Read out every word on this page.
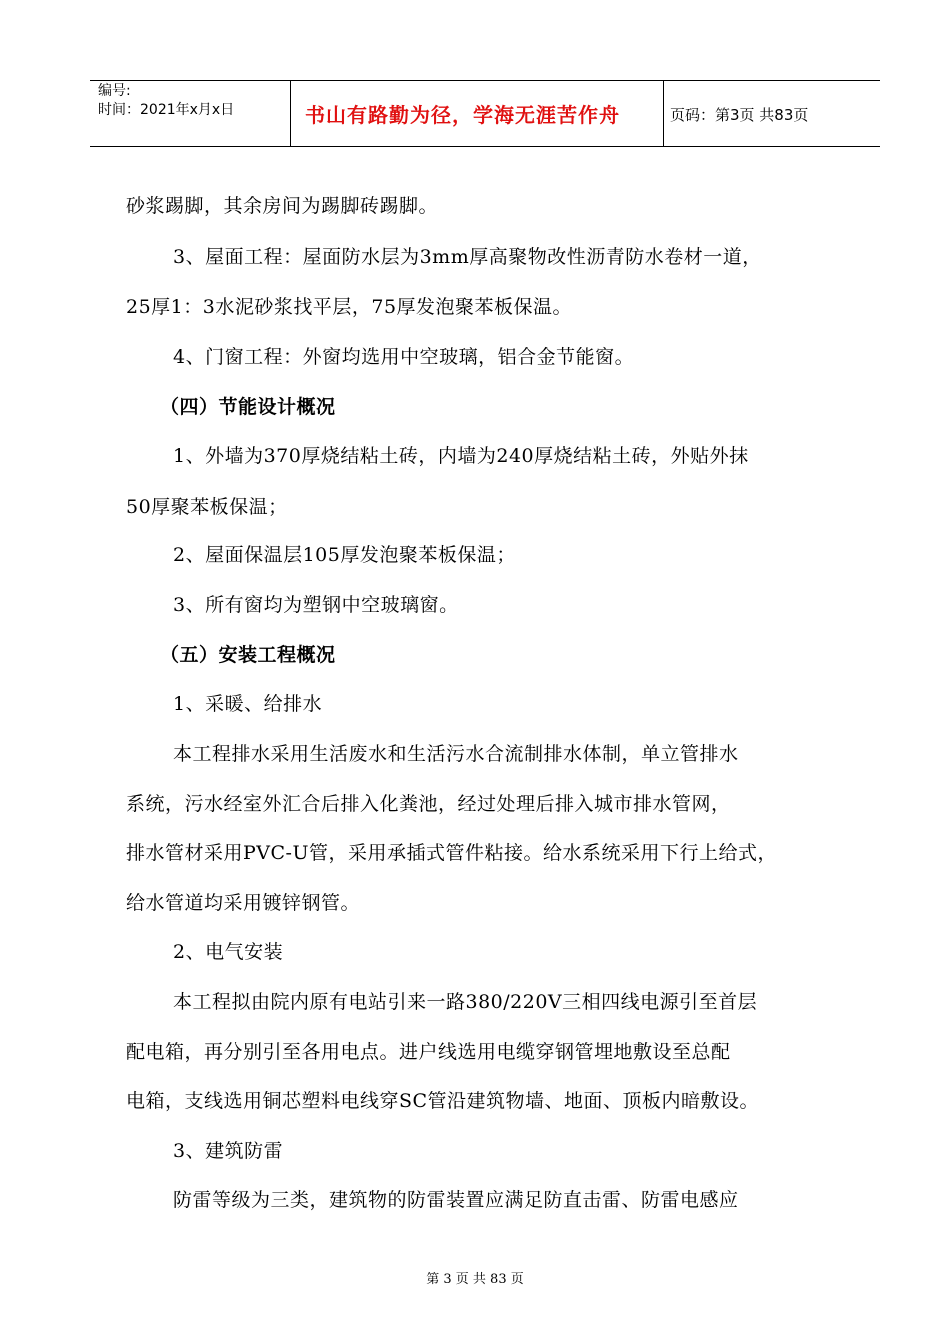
编号:
时间：2021年x月x日	书山有路勤为径，学海无涯苦作舟	页码：第3页 共83页
砂浆踢脚，其余房间为踢脚砖踢脚。
3、屋面工程：屋面防水层为3mm厚高聚物改性沥青防水卷材一道，
25厚1：3水泥砂浆找平层，75厚发泡聚苯板保温。
4、门窗工程：外窗均选用中空玻璃，铝合金节能窗。
（四）节能设计概况
1、外墙为370厚烧结粘土砖，内墙为240厚烧结粘土砖，外贴外抹
50厚聚苯板保温；
2、屋面保温层105厚发泡聚苯板保温；
3、所有窗均为塑钢中空玻璃窗。
（五）安装工程概况
1、采暖、给排水
本工程排水采用生活废水和生活污水合流制排水体制，单立管排水
系统，污水经室外汇合后排入化粪池，经过处理后排入城市排水管网，
排水管材采用PVC-U管，采用承插式管件粘接。给水系统采用下行上给式，
给水管道均采用镀锌钢管。
2、电气安装
本工程拟由院内原有电站引来一路380/220V三相四线电源引至首层
配电箱，再分别引至各用电点。进户线选用电缆穿钢管埋地敷设至总配
电箱，支线选用铜芯塑料电线穿SC管沿建筑物墙、地面、顶板内暗敷设。
3、建筑防雷
防雷等级为三类，建筑物的防雷装置应满足防直击雷、防雷电感应
第 3 页 共 83 页
